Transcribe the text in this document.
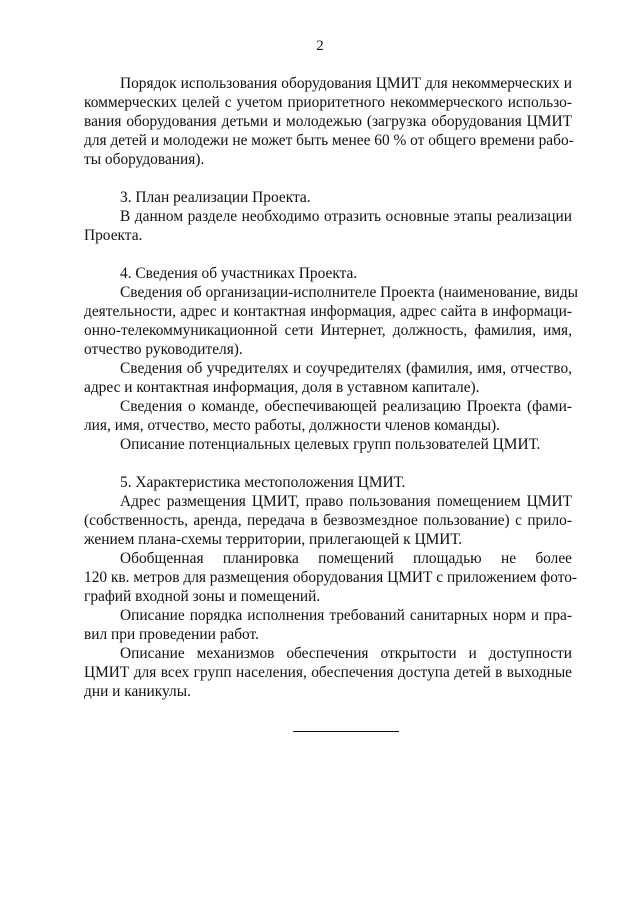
2
Порядок использования оборудования ЦМИТ для некоммерческих и
коммерческих целей с учетом приоритетного некоммерческого использо-
вания оборудования детьми и молодежью (загрузка оборудования ЦМИТ
для детей и молодежи не может быть менее 60 % от общего времени рабо-
ты оборудования).
3. План реализации Проекта.
В данном разделе необходимо отразить основные этапы реализации
Проекта.
4. Сведения об участниках Проекта.
Сведения об организации-исполнителе Проекта (наименование, виды
деятельности, адрес и контактная информация, адрес сайта в информаци-
онно-телекоммуникационной сети Интернет, должность, фамилия, имя,
отчество руководителя).
Сведения об учредителях и соучредителях (фамилия, имя, отчество,
адрес и контактная информация, доля в уставном капитале).
Сведения о команде, обеспечивающей реализацию Проекта (фами-
лия, имя, отчество, место работы, должности членов команды).
Описание потенциальных целевых групп пользователей ЦМИТ.
5. Характеристика местоположения ЦМИТ.
Адрес размещения ЦМИТ, право пользования помещением ЦМИТ
(собственность, аренда, передача в безвозмездное пользование) с прило-
жением плана-схемы территории, прилегающей к ЦМИТ.
Обобщенная планировка помещений площадью не более
120 кв. метров для размещения оборудования ЦМИТ с приложением фото-
графий входной зоны и помещений.
Описание порядка исполнения требований санитарных норм и пра-
вил при проведении работ.
Описание механизмов обеспечения открытости и доступности
ЦМИТ для всех групп населения, обеспечения доступа детей в выходные
дни и каникулы.
